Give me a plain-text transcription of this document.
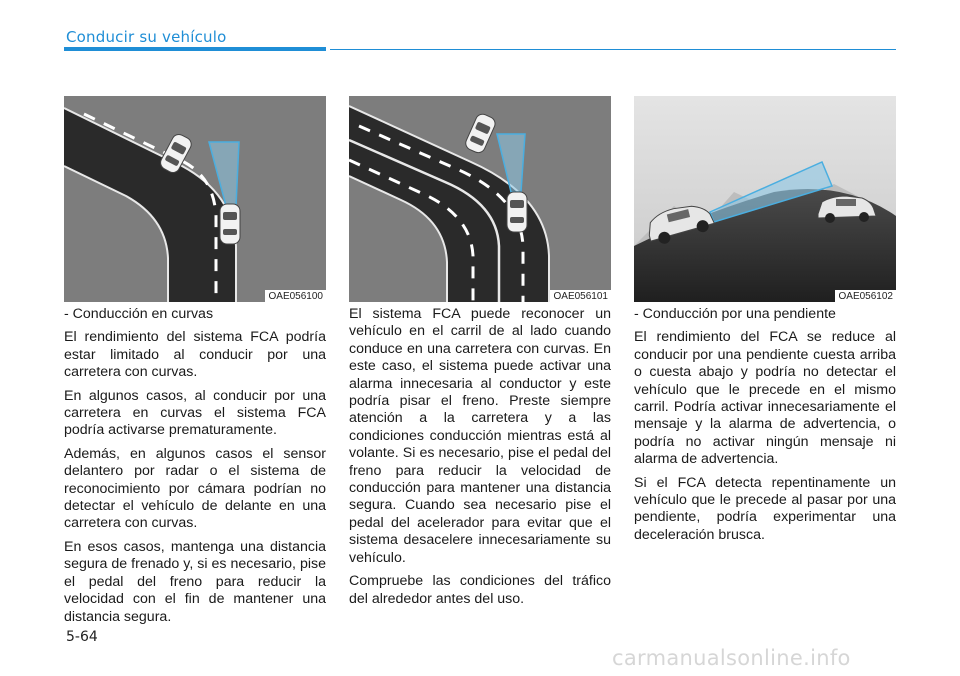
Conducir su vehículo
OAE056100	OAE056101	OAE056102

- Conducción en curvas

El rendimiento del sistema FCA podría estar limitado al conducir por una carretera con curvas.

En algunos casos, al conducir por una carretera en curvas el sistema FCA podría activarse prematuramente.

Además, en algunos casos el sensor delantero por radar o el sistema de reconocimiento por cámara podrían no detectar el vehículo de delante en una carretera con curvas.

En esos casos, mantenga una distancia segura de frenado y, si es necesario, pise el pedal del freno para reducir la velocidad con el fin de mantener una distancia segura.

El sistema FCA puede reconocer un vehículo en el carril de al lado cuando conduce en una carretera con curvas. En este caso, el sistema puede activar una alarma innecesaria al conductor y este podría pisar el freno. Preste siempre atención a la carretera y a las condiciones conducción mientras está al volante. Si es necesario, pise el pedal del freno para reducir la velocidad de conducción para mantener una distancia segura. Cuando sea necesario pise el pedal del acelerador para evitar que el sistema desacelere innecesariamente su vehículo.

Compruebe las condiciones del tráfico del alrededor antes del uso.

- Conducción por una pendiente

El rendimiento del FCA se reduce al conducir por una pendiente cuesta arriba o cuesta abajo y podría no detectar el vehículo que le precede en el mismo carril. Podría activar innecesariamente el mensaje y la alarma de advertencia, o podría no activar ningún mensaje ni alarma de advertencia.

Si el FCA detecta repentinamente un vehículo que le precede al pasar por una pendiente, podría experimentar una deceleración brusca.

5-64
carmanualsonline.info
